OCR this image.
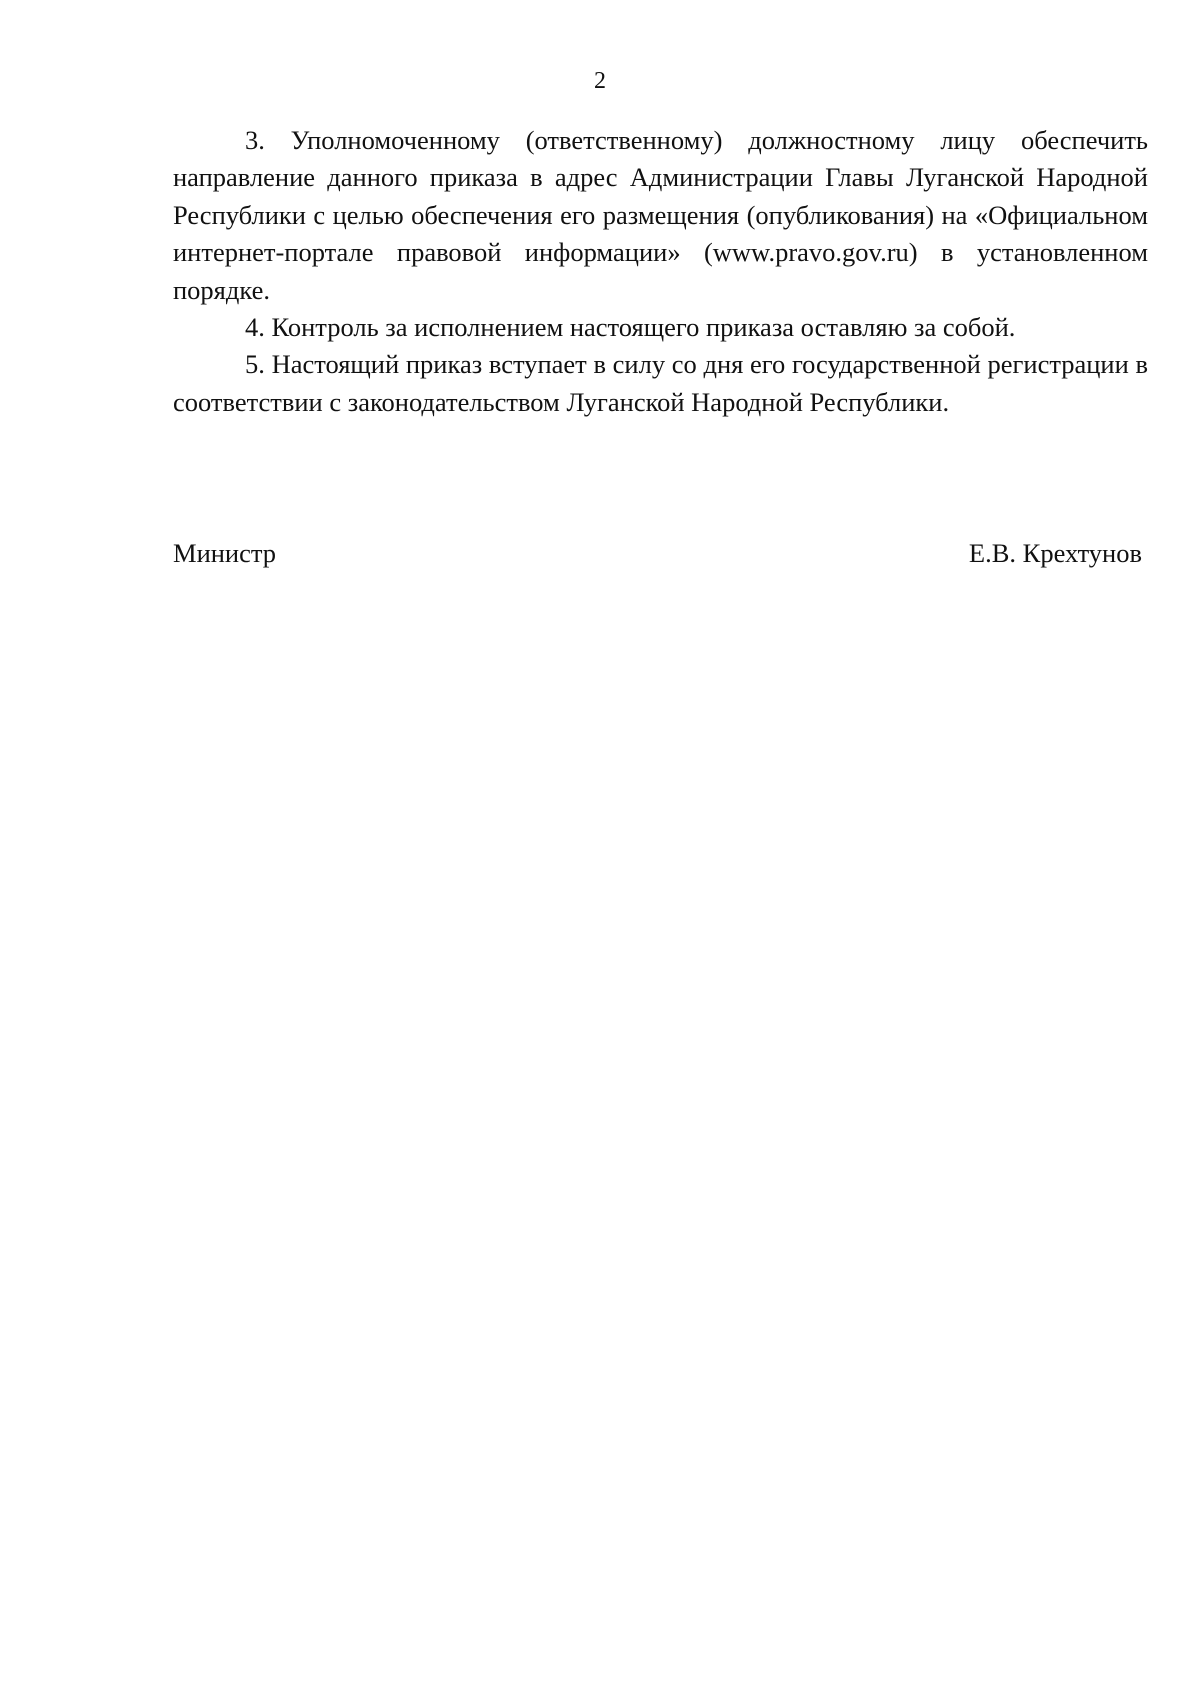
2

3. Уполномоченному (ответственному) должностному лицу обеспечить направление данного приказа в адрес Администрации Главы Луганской Народной Республики с целью обеспечения его размещения (опубликования) на «Официальном интернет-портале правовой информации» (www.pravo.gov.ru) в установленном порядке.

4. Контроль за исполнением настоящего приказа оставляю за собой.

5. Настоящий приказ вступает в силу со дня его государственной регистрации в соответствии с законодательством Луганской Народной Республики.

Министр	Е.В. Крехтунов
